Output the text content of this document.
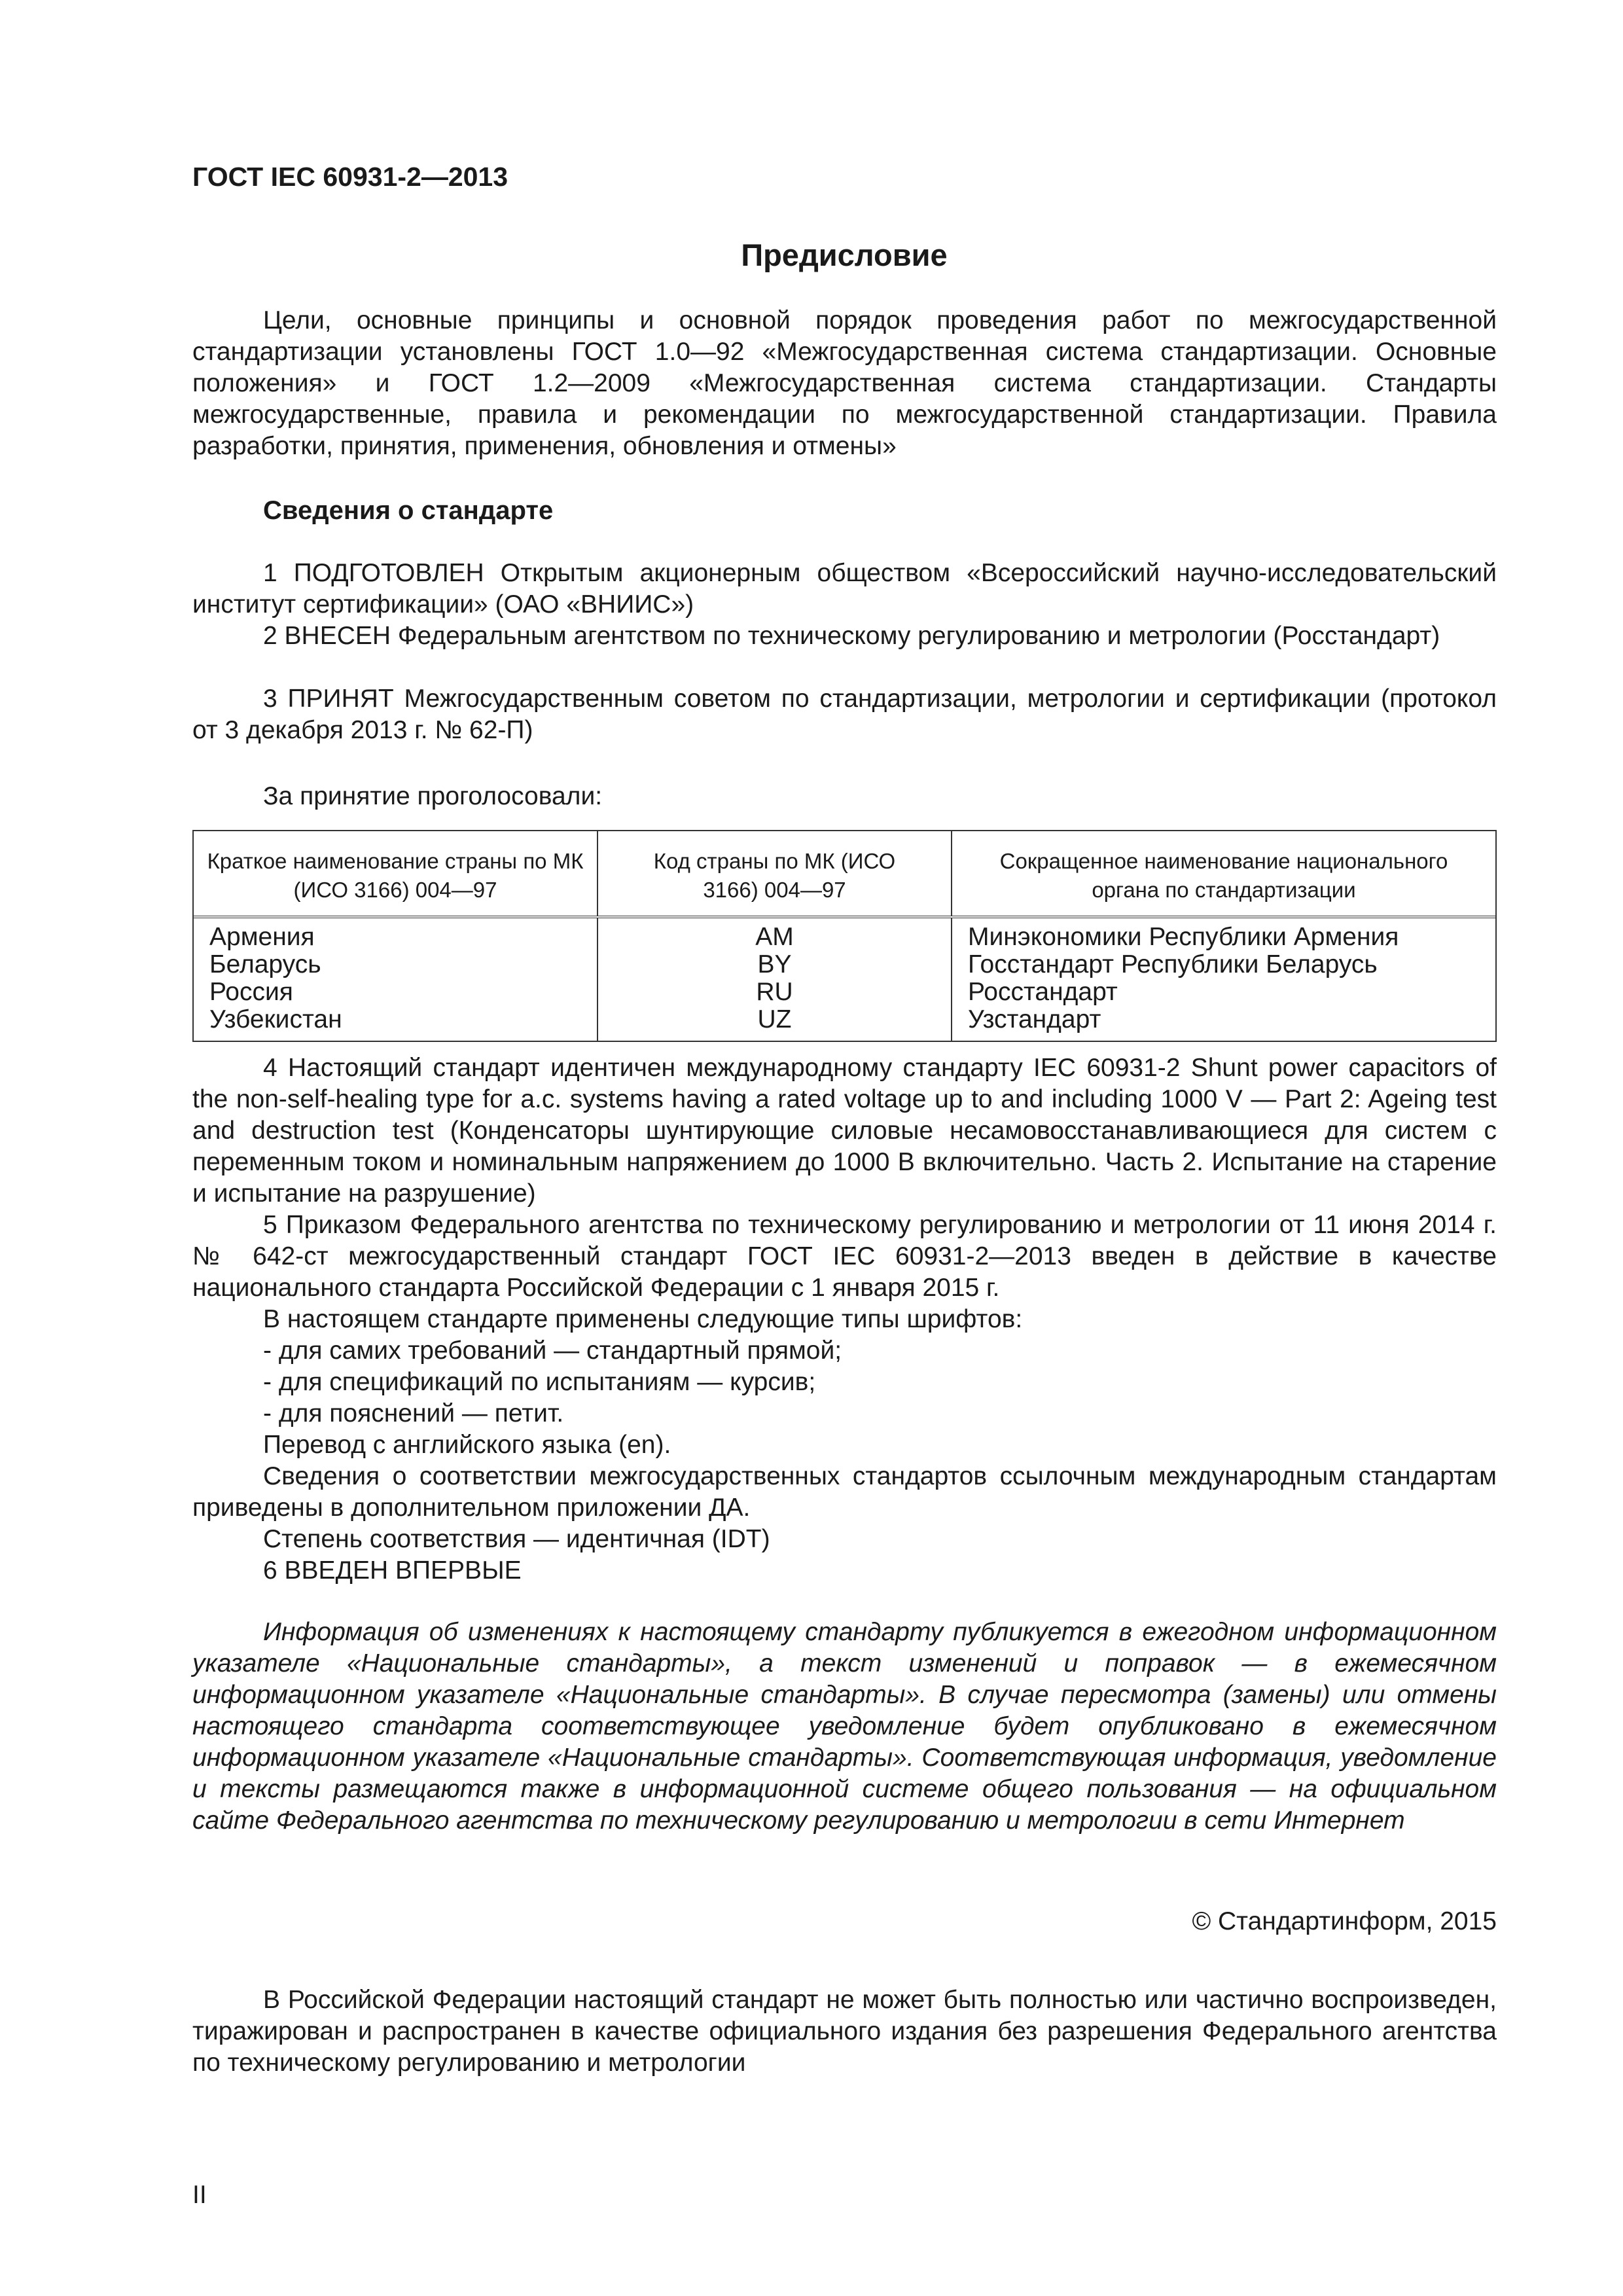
ГОСТ IEC 60931-2—2013
Предисловие

Цели, основные принципы и основной порядок проведения работ по межгосударственной стандартизации установлены ГОСТ 1.0—92 «Межгосударственная система стандартизации. Основные положения» и ГОСТ 1.2—2009 «Межгосударственная система стандартизации. Стандарты межгосударственные, правила и рекомендации по межгосударственной стандартизации. Правила разработки, принятия, применения, обновления и отмены»

Сведения о стандарте

1 ПОДГОТОВЛЕН Открытым акционерным обществом «Всероссийский научно-исследовательский институт сертификации» (ОАО «ВНИИС»)

2 ВНЕСЕН Федеральным агентством по техническому регулированию и метрологии (Росстандарт)

3 ПРИНЯТ Межгосударственным советом по стандартизации, метрологии и сертификации (протокол от 3 декабря 2013 г. № 62-П)

За принятие проголосовали:
Краткое наименование страны по МК (ИСО 3166) 004—97
Код страны по МК (ИСО 3166) 004—97
Сокращенное наименование национального органа по стандартизации
Армения
Беларусь
Россия
Узбекистан
AM
BY
RU
UZ
Минэкономики Республики Армения
Госстандарт Республики Беларусь
Росстандарт
Узстандарт

4 Настоящий стандарт идентичен международному стандарту IEC 60931-2 Shunt power capacitors of the non-self-healing type for a.c. systems having a rated voltage up to and including 1000 V — Part 2: Ageing test and destruction test (Конденсаторы шунтирующие силовые несамовосстанавливающиеся для систем с переменным током и номинальным напряжением до 1000 В включительно. Часть 2. Испытание на старение и испытание на разрушение)

5 Приказом Федерального агентства по техническому регулированию и метрологии от 11 июня 2014 г. № 642-ст межгосударственный стандарт ГОСТ IEC 60931-2—2013 введен в действие в качестве национального стандарта Российской Федерации с 1 января 2015 г.

В настоящем стандарте применены следующие типы шрифтов:

- для самих требований — стандартный прямой;

- для спецификаций по испытаниям — курсив;

- для пояснений — петит.

Перевод с английского языка (en).

Сведения о соответствии межгосударственных стандартов ссылочным международным стандартам приведены в дополнительном приложении ДА.

Степень соответствия — идентичная (IDT)

6 ВВЕДЕН ВПЕРВЫЕ

Информация об изменениях к настоящему стандарту публикуется в ежегодном информационном указателе «Национальные стандарты», а текст изменений и поправок — в ежемесячном информационном указателе «Национальные стандарты». В случае пересмотра (замены) или отмены настоящего стандарта соответствующее уведомление будет опубликовано в ежемесячном информационном указателе «Национальные стандарты». Соответствующая информация, уведомление и тексты размещаются также в информационной системе общего пользования — на официальном сайте Федерального агентства по техническому регулированию и метрологии в сети Интернет

© Стандартинформ, 2015

В Российской Федерации настоящий стандарт не может быть полностью или частично воспроизведен, тиражирован и распространен в качестве официального издания без разрешения Федерального агентства по техническому регулированию и метрологии

II
